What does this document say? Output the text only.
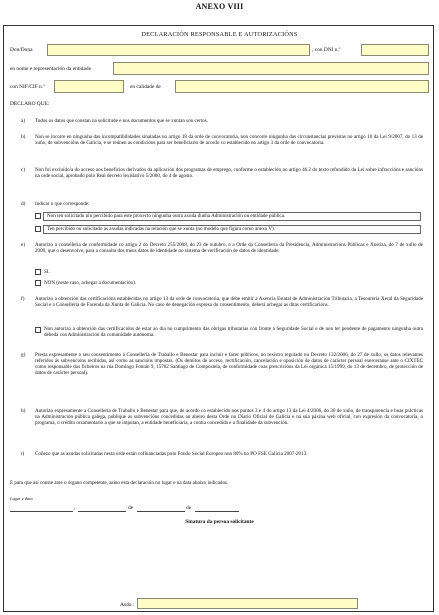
ANEXO VIII
DECLARACIÓN RESPONSABLE E AUTORIZACIÓNS
Don/Dona	, con DNI n.º
en nome e representación da entidade
con NIF/CIF n.º	en calidade de
DECLARO QUE:
a) Todos os datos que constan na solicitude e nos documentos que se xuntan son certos.
b) Non se incorre en ningunha das incompatibilidades sinaladas no artigo 18 da orde de convocatoria, non concorre ningunha das circunstancias previstas no artigo 10 da Lei 9/2007, do 13 de xuño, de subvencións de Galicia, e se reúnen as condicións para ser beneficiario de acordo co establecido no artigo 3 da orde de convocatoria.
c) Non foi excluído/a do acceso aos beneficios derivados da aplicación dos programas de emprego, conforme o establecido no artigo 46.2 do texto refundido da Lei sobre infraccións e sancións na orde social, aprobado polo Real decreto lexislativo 5/2000, do 4 de agosto.
d) Indicar o que corresponde:
Non ten solicitado nin percibido para este proxecto ningunha outra axuda dunha Administración ou entidade pública.
Ten percibido ou solicitado as axudas indicadas na relación que se xunta (no modelo que figura como anexo V).
e) Autorizo a consellería de conformidade co artigo 2 do Decreto 255/2008, do 23 de outubro, e a Orde da Consellería da Presidencia, Administracións Públicas e Xustiza, do 7 de xullo de 2009, que o desenvolve, para a consulta dos meus datos de identidade no sistema de verificación de datos de identidade.
SI.
NON (neste caso, achegar a documentación).
f) Autorizo a obtención das certificacións establecidas no artigo 13 da orde de convocatoria, que debe emitir a Axencia Estatal de Administración Tributaria, a Tesourería Xeral da Seguridade Social e a Consellería de Facenda da Xunta de Galicia. No caso de denegación expresa do consentimento, deberá achegar as ditas certificacións.
Non autorizo a obtención das certificacións de estar ao día no cumprimento das obrigas tributarias con fronte á Seguridade Social e de non ter pendente de pagamento ningunha outra débeda coa Administración da comunidade autónoma.
g) Presta expresamente o seu consentimento á Consellería de Traballo e Benestar para incluír e facer públicos, no rexistro regulado no Decreto 132/2006, do 27 de xullo, os datos relevantes referidos ás subvencións recibidas, así como as sancións impostas. (Os dereitos de acceso, rectificación, cancelación e oposición de datos de carácter persoal exerceranse ante o CIXTEC como responsable dos ficheiros na rúa Domingo Fontán 9, 15702 Santiago de Compostela, de conformidade coas prescricións da Lei orgánica 15/1999, do 13 de decembro, de protección de datos de carácter persoal).
h) Autorizo expresamente a Consellería de Traballo e Benestar para que, de acordo co establecido nos puntos 3 e 4 do artigo 13 da Lei 4/2006, do 30 de xuño, de transparencia e boas prácticas na Administración pública galega, publique as subvencións concedidas ao abeiro desta Orde no Diario Oficial de Galicia e na súa páxina web oficial, con expresión da convocatoria, o programa, o crédito orzamentario a que se imputan, a entidade beneficiaria, a contía concedida e a finalidade da subvención.
i) Coñezo que as axudas solicitadas nesta orde están cofinanciadas polo Fondo Social Europeo nun 80% no PO FSE Galicia 2007-2013.
E para que así conste ante o órgano competente, asino esta declaración no lugar e na data abaixo indicados.
Lugar e data
,	de	de
Sinatura da persoa solicitante
Asdo.:
